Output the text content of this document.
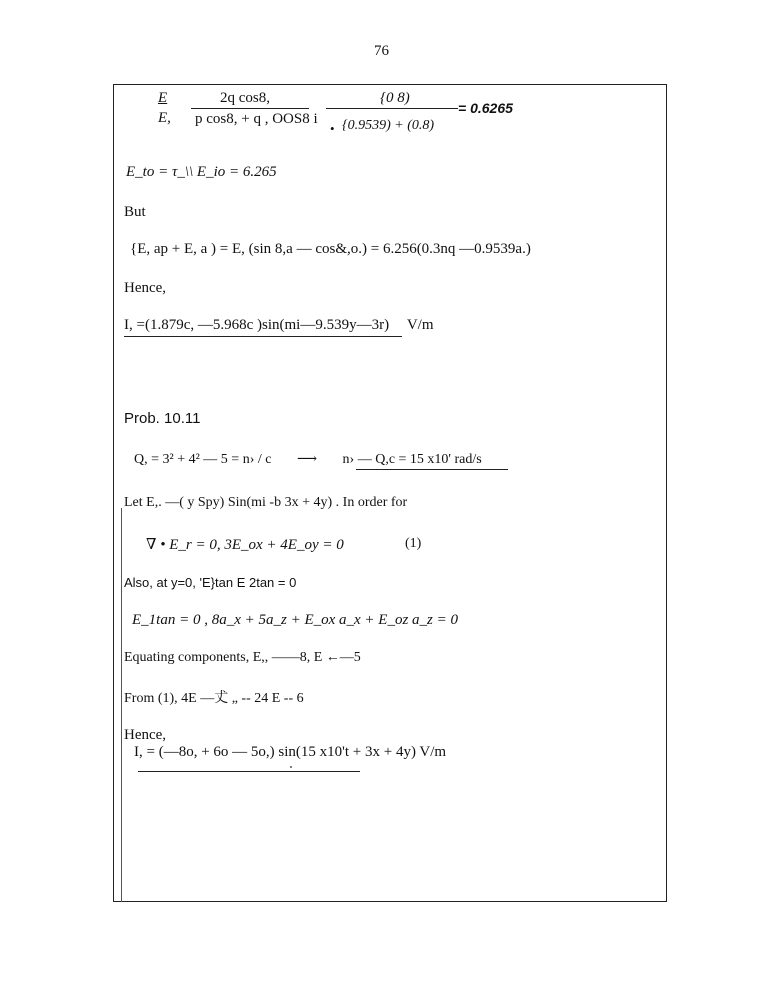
76
E
E,
2q cos8,
p cos8, + q , OOS8 i
{0 8)
• {0.9539) + (0.8)
= 0.6265
E_to = τ_\\ E_io = 6.265
But
{E, ap + E, a ) = E, (sin 8,a — cos&,o.) = 6.256(0.3nq —0.9539a.)
Hence,
I, =(1.879c, —5.968c )sin(mi—9.539y—3r) V/m
Prob. 10.11
Q, = 3² + 4² — 5 = n› / c ⟶ n› — Q,c = 15 x10' rad/s
Let E,. —( y Spy) Sin(mi -b 3x + 4y) . In order for
∇ • E_r = 0, 3E_ox + 4E_oy = 0	(1)
Also, at y=0, 'E}tan E 2tan = 0
E_1tan = 0 , 8a_x + 5a_z + E_ox a_x + E_oz a_z = 0
Equating components, E,, ——8, E ←—5
From (1), 4E —𠀋 „ -- 24 E -- 6
Hence,
I, = (—8o, + 6o — 5o,) sin(15 x10't + 3x + 4y) V/m
